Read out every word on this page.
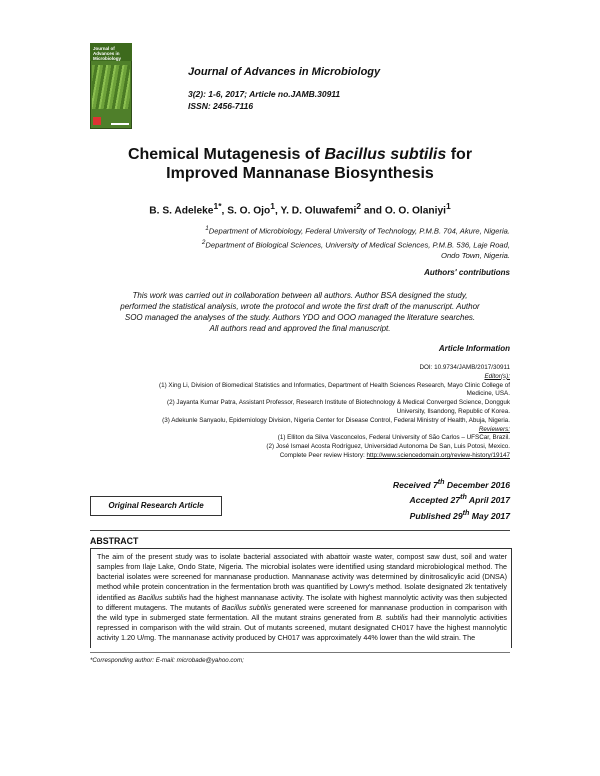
Journal of Advances in Microbiology
Journal of Advances in Microbiology
3(2): 1-6, 2017; Article no.JAMB.30911
ISSN: 2456-7116
Chemical Mutagenesis of Bacillus subtilis for
Improved Mannanase Biosynthesis
B. S. Adeleke$^{1*}$, S. O. Ojo$^1$, Y. D. Oluwafemi$^2$ and O. O. Olaniyi$^1$
$^1$Department of Microbiology, Federal University of Technology, P.M.B. 704, Akure, Nigeria.
$^2$Department of Biological Sciences, University of Medical Sciences, P.M.B. 536, Laje Road,
Ondo Town, Nigeria.
Authors' contributions
This work was carried out in collaboration between all authors. Author BSA designed the study,
performed the statistical analysis, wrote the protocol and wrote the first draft of the manuscript. Author
SOO managed the analyses of the study. Authors YDO and OOO managed the literature searches.
All authors read and approved the final manuscript.
Article Information
DOI: 10.9734/JAMB/2017/30911
Editor(s):
(1) Xing Li, Division of Biomedical Statistics and Informatics, Department of Health Sciences Research, Mayo Clinic College of
Medicine, USA.
(2) Jayanta Kumar Patra, Assistant Professor, Research Institute of Biotechnology & Medical Converged Science, Dongguk
University, Ilsandong, Republic of Korea.
(3) Adekunle Sanyaolu, Epidemiology Division, Nigeria Center for Disease Control, Federal Ministry of Health, Abuja, Nigeria.
Reviewers:
(1) Elliton da Silva Vasconcelos, Federal University of São Carlos – UFSCar, Brazil.
(2) José Ismael Acosta Rodríguez, Universidad Autonoma De San, Luis Potosi, Mexico.
Complete Peer review History: http://www.sciencedomain.org/review-history/19147
Received 7th December 2016
Accepted 27th April 2017
Published 29th May 2017
Original Research Article
ABSTRACT
The aim of the present study was to isolate bacterial associated with abattoir waste water, compost saw dust, soil and water samples from Ilaje Lake, Ondo State, Nigeria. The microbial isolates were identified using standard microbiological method. The bacterial isolates were screened for mannanase production. Mannanase activity was determined by dinitrosalicylic acid (DNSA) method while protein concentration in the fermentation broth was quantified by Lowry's method. Isolate designated 2k tentatively identified as Bacillus subtilis had the highest mannanase activity. The isolate with highest mannolytic activity was then subjected to different mutagens. The mutants of Bacillus subtilis generated were screened for mannanase production in comparison with the wild type in submerged state fermentation. All the mutant strains generated from B. subtilis had their mannolytic activities repressed in comparison with the wild strain. Out of mutants screened, mutant designated CH017 have the highest mannolytic activity 1.20 U/mg. The mannanase activity produced by CH017 was approximately 44% lower than the wild strain. The
*Corresponding author: E-mail: microbade@yahoo.com;
